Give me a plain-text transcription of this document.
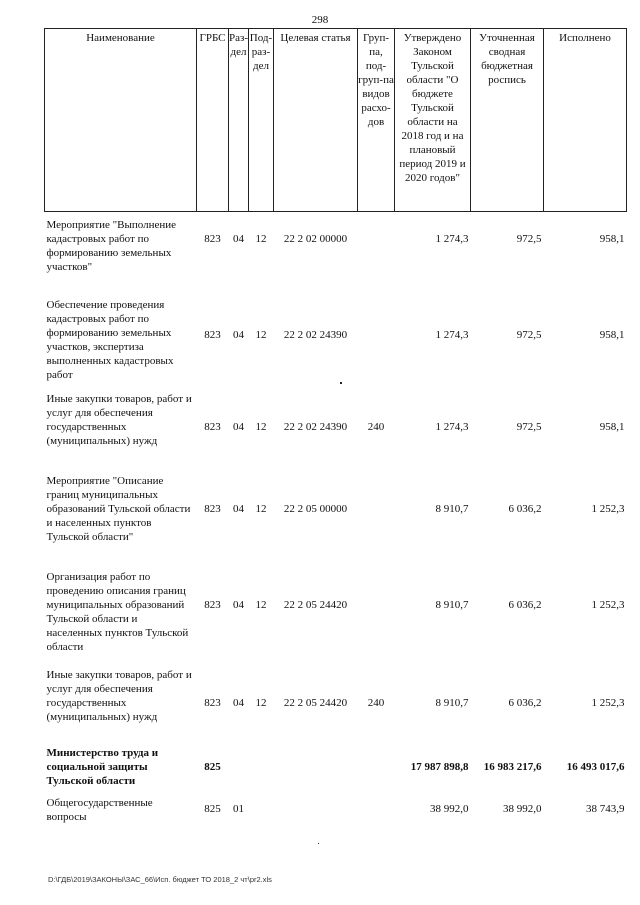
298
Наименование	ГРБС	Раз-дел	Под-раз-дел	Целевая статья	Груп-па, под-груп-па видов расхо-дов	Утверждено Законом Тульской области "О бюджете Тульской области на 2018 год и на плановый период 2019 и 2020 годов"	Уточненная сводная бюджетная роспись	Исполнено
Мероприятие "Выполнение кадастровых работ по формированию земельных участков"	823	04	12	22 2 02 00000		1 274,3	972,5	958,1
Обеспечение проведения кадастровых работ по формированию земельных участков, экспертиза выполненных кадастровых работ	823	04	12	22 2 02 24390		1 274,3	972,5	958,1
Иные закупки товаров, работ и услуг для обеспечения государственных (муниципальных) нужд	823	04	12	22 2 02 24390	240	1 274,3	972,5	958,1
Мероприятие "Описание границ муниципальных образований Тульской области и населенных пунктов Тульской области"	823	04	12	22 2 05 00000		8 910,7	6 036,2	1 252,3
Организация работ по проведению описания границ муниципальных образований Тульской области и населенных пунктов Тульской области	823	04	12	22 2 05 24420		8 910,7	6 036,2	1 252,3
Иные закупки товаров, работ и услуг для обеспечения государственных (муниципальных) нужд	823	04	12	22 2 05 24420	240	8 910,7	6 036,2	1 252,3
Министерство труда и социальной защиты Тульской области	825					17 987 898,8	16 983 217,6	16 493 017,6
Общегосударственные вопросы	825	01				38 992,0	38 992,0	38 743,9
D:\ГДБ\2019\ЗАКОНЫ\ЗАС_66\Исп. бюджет ТО 2018_2 чт\pr2.xls
